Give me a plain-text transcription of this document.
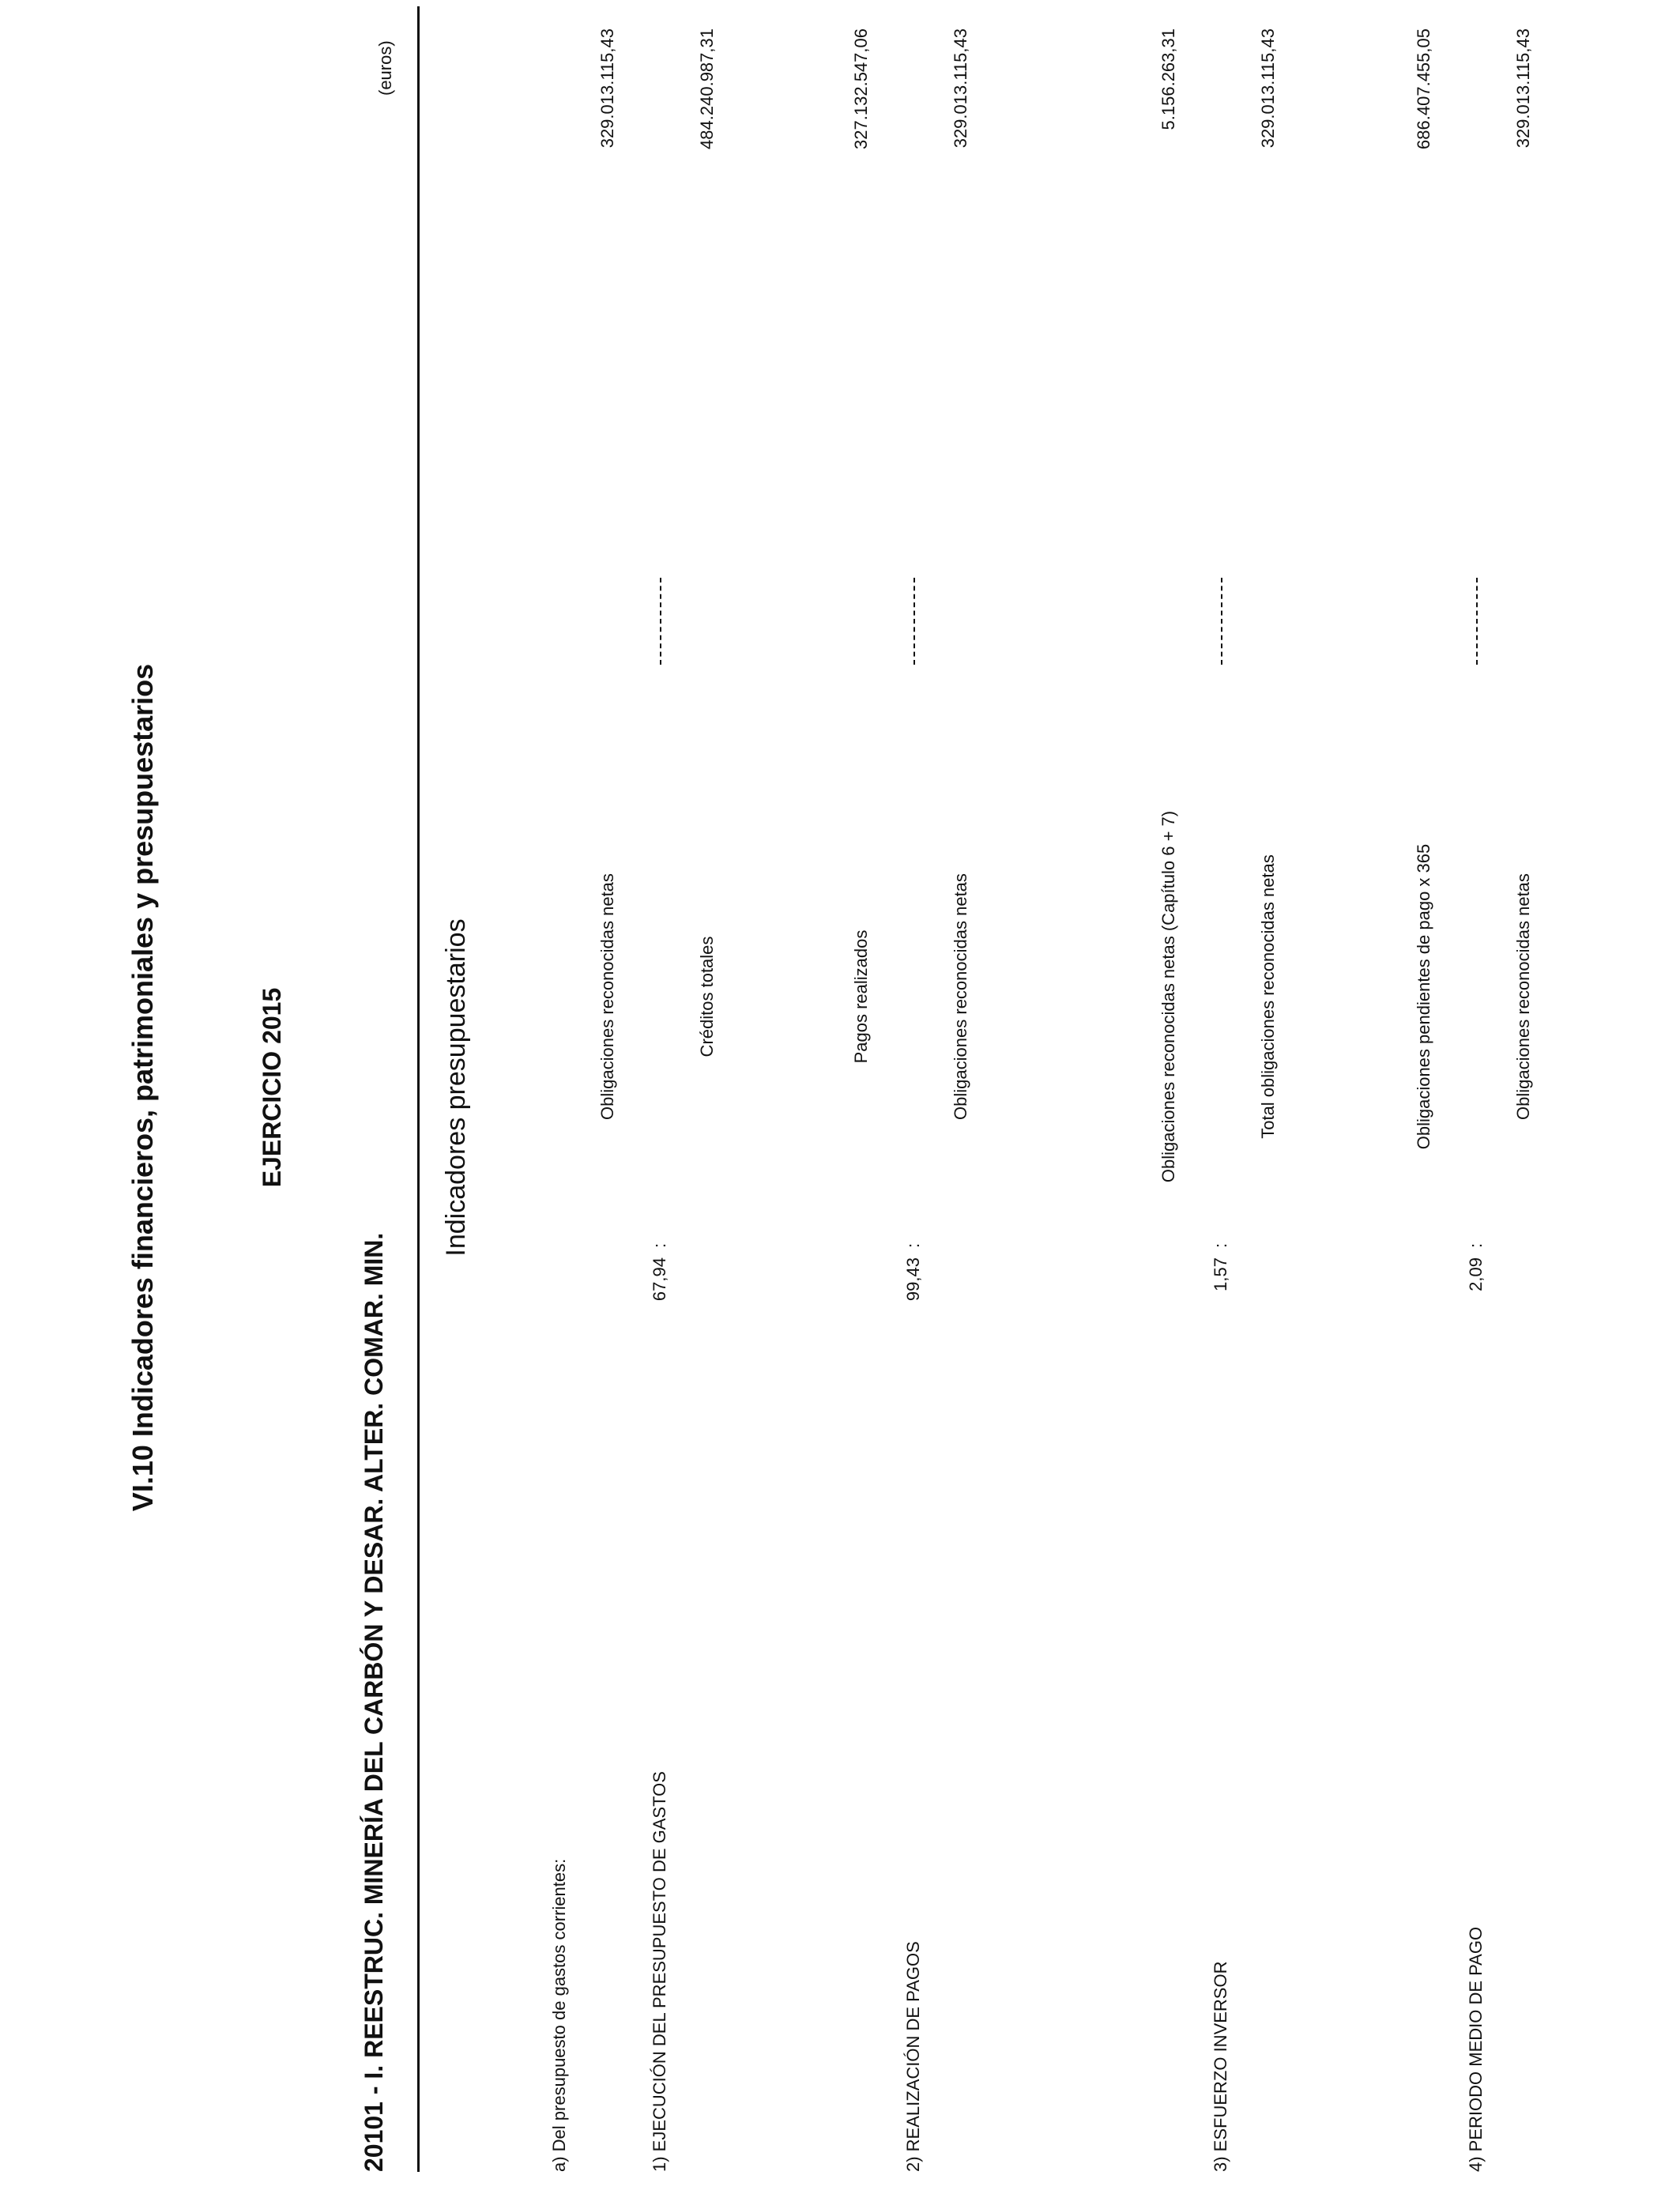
VI.10 Indicadores financieros, patrimoniales y presupuestarios	EJERCICIO 2015
20101 - I. REESTRUC. MINERÍA DEL CARBÓN Y DESAR. ALTER. COMAR. MIN.
(euros)
Indicadores presupuestarios
a) Del presupuesto de gastos corrientes:	1) EJECUCIÓN DEL PRESUPUESTO DE GASTOS
67,94
:
Obligaciones reconocidas netas
329.013.115,43
Créditos totales
484.240.987,31
2) REALIZACIÓN DE PAGOS
99,43
:
Pagos realizados
327.132.547,06
Obligaciones reconocidas netas
329.013.115,43
3) ESFUERZO INVERSOR
1,57
:
Obligaciones reconocidas netas (Capítulo 6 + 7)
5.156.263,31
Total obligaciones reconocidas netas
329.013.115,43
4) PERIODO MEDIO DE PAGO
2,09
:
Obligaciones pendientes de pago x 365
686.407.455,05
Obligaciones reconocidas netas
329.013.115,43
